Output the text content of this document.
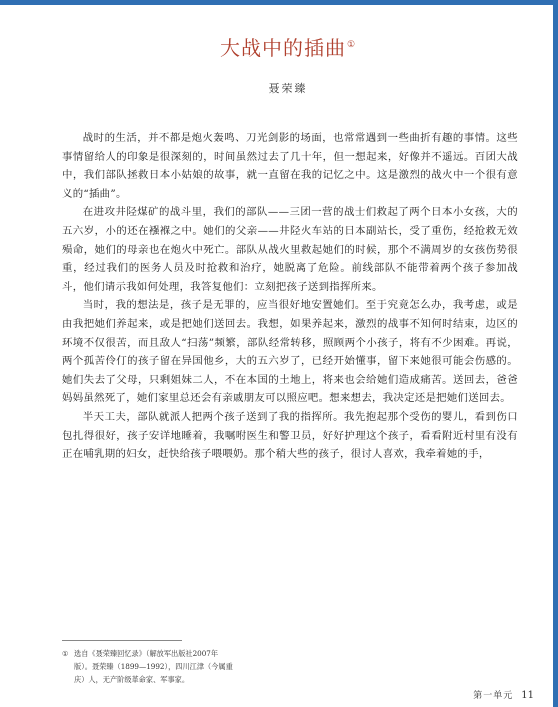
大战中的插曲①
聂荣臻

战时的生活，并不都是炮火轰鸣、刀光剑影的场面，也常常遇到一些曲折有趣的事情。这些事情留给人的印象是很深刻的，时间虽然过去了几十年，但一想起来，好像并不遥远。百团大战中，我们部队拯救日本小姑娘的故事，就一直留在我的记忆之中。这是激烈的战火中一个很有意义的“插曲”。

在进攻井陉煤矿的战斗里，我们的部队——三团一营的战士们救起了两个日本小女孩，大的五六岁，小的还在襁褓之中。她们的父亲——井陉火车站的日本副站长，受了重伤，经抢救无效殒命，她们的母亲也在炮火中死亡。部队从战火里救起她们的时候，那个不满周岁的女孩伤势很重，经过我们的医务人员及时抢救和治疗，她脱离了危险。前线部队不能带着两个孩子参加战斗，他们请示我如何处理，我答复他们：立刻把孩子送到指挥所来。

当时，我的想法是，孩子是无罪的，应当很好地安置她们。至于究竟怎么办，我考虑，或是由我把她们养起来，或是把她们送回去。我想，如果养起来，激烈的战事不知何时结束，边区的环境不仅很苦，而且敌人“扫荡”频繁，部队经常转移，照顾两个小孩子，将有不少困难。再说，两个孤苦伶仃的孩子留在异国他乡，大的五六岁了，已经开始懂事，留下来她很可能会伤感的。她们失去了父母，只剩姐妹二人，不在本国的土地上，将来也会给她们造成痛苦。送回去，爸爸妈妈虽然死了，她们家里总还会有亲戚朋友可以照应吧。想来想去，我决定还是把她们送回去。

半天工夫，部队就派人把两个孩子送到了我的指挥所。我先抱起那个受伤的婴儿，看到伤口包扎得很好，孩子安详地睡着，我嘱咐医生和警卫员，好好护理这个孩子，看看附近村里有没有正在哺乳期的妇女，赶快给孩子喂喂奶。那个稍大些的孩子，很讨人喜欢，我牵着她的手，

① 选自《聂荣臻回忆录》（解放军出版社2007年
版）。聂荣臻（1899—1992），四川江津（今属重
庆）人，无产阶级革命家、军事家。
第一单元 11
